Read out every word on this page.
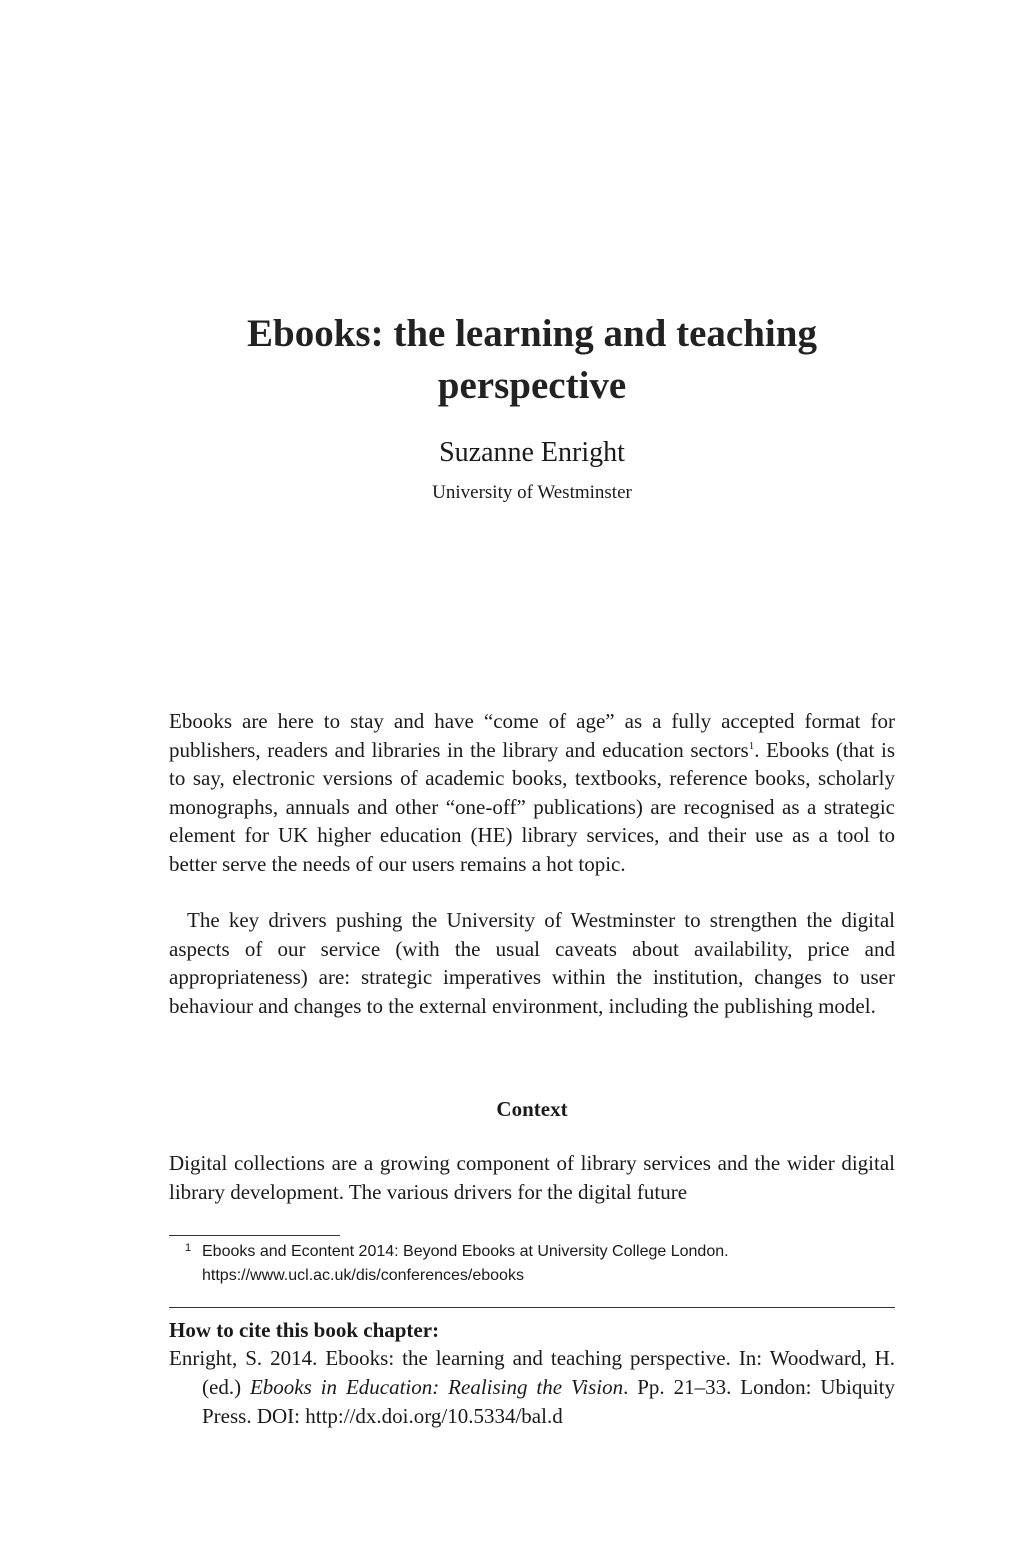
Ebooks: the learning and teaching perspective

Suzanne Enright

University of Westminster

Ebooks are here to stay and have “come of age” as a fully accepted format for publishers, readers and libraries in the library and education sectors$^1$. Ebooks (that is to say, electronic versions of academic books, textbooks, reference books, scholarly monographs, annuals and other “one-off” publications) are recognised as a strategic element for UK higher education (HE) library services, and their use as a tool to better serve the needs of our users remains a hot topic.

The key drivers pushing the University of Westminster to strengthen the digital aspects of our service (with the usual caveats about availability, price and appropriateness) are: strategic imperatives within the institution, changes to user behaviour and changes to the external environment, including the publishing model.

Context

Digital collections are a growing component of library services and the wider digital library development. The various drivers for the digital future

1 Ebooks and Econtent 2014: Beyond Ebooks at University College London. https://www.ucl.ac.uk/dis/conferences/ebooks

How to cite this book chapter:

Enright, S. 2014. Ebooks: the learning and teaching perspective. In: Woodward, H. (ed.) Ebooks in Education: Realising the Vision. Pp. 21–33. London: Ubiquity Press. DOI: http://dx.doi.org/10.5334/bal.d
